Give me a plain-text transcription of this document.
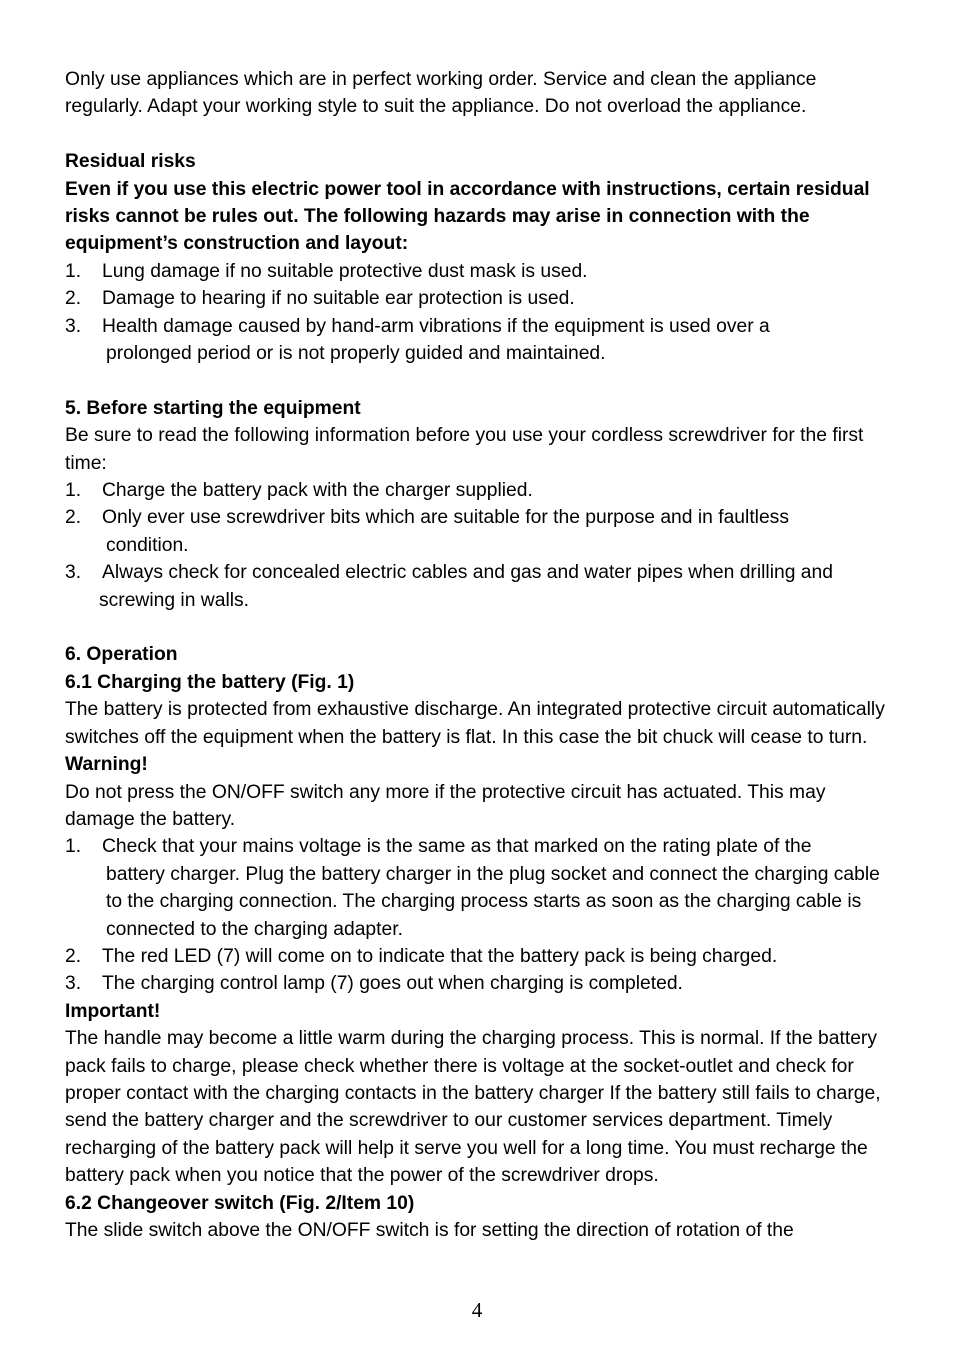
Only use appliances which are in perfect working order. Service and clean the appliance regularly. Adapt your working style to suit the appliance. Do not overload the appliance.

Residual risks

Even if you use this electric power tool in accordance with instructions, certain residual risks cannot be rules out. The following hazards may arise in connection with the equipment’s construction and layout:

1.	Lung damage if no suitable protective dust mask is used.
2.	Damage to hearing if no suitable ear protection is used.
3.	Health damage caused by hand-arm vibrations if the equipment is used over a
prolonged period or is not properly guided and maintained.

5. Before starting the equipment

Be sure to read the following information before you use your cordless screwdriver for the first time:

1.	Charge the battery pack with the charger supplied.
2.	Only ever use screwdriver bits which are suitable for the purpose and in faultless
condition.
3.	Always check for concealed electric cables and gas and water pipes when drilling and
screwing in walls.

6. Operation

6.1 Charging the battery (Fig. 1)

The battery is protected from exhaustive discharge. An integrated protective circuit automatically switches off the equipment when the battery is flat. In this case the bit chuck will cease to turn.

Warning!

Do not press the ON/OFF switch any more if the protective circuit has actuated. This may damage the battery.

1.	Check that your mains voltage is the same as that marked on the rating plate of the
battery charger. Plug the battery charger in the plug socket and connect the charging cable to the charging connection. The charging process starts as soon as the charging cable is connected to the charging adapter.
2.	The red LED (7) will come on to indicate that the battery pack is being charged.
3.	The charging control lamp (7) goes out when charging is completed.

Important!

The handle may become a little warm during the charging process. This is normal. If the battery pack fails to charge, please check whether there is voltage at the socket-outlet and check for proper contact with the charging contacts in the battery charger If the battery still fails to charge, send the battery charger and the screwdriver to our customer services department. Timely recharging of the battery pack will help it serve you well for a long time. You must recharge the battery pack when you notice that the power of the screwdriver drops.

6.2 Changeover switch (Fig. 2/Item 10)

The slide switch above the ON/OFF switch is for setting the direction of rotation of the

4
